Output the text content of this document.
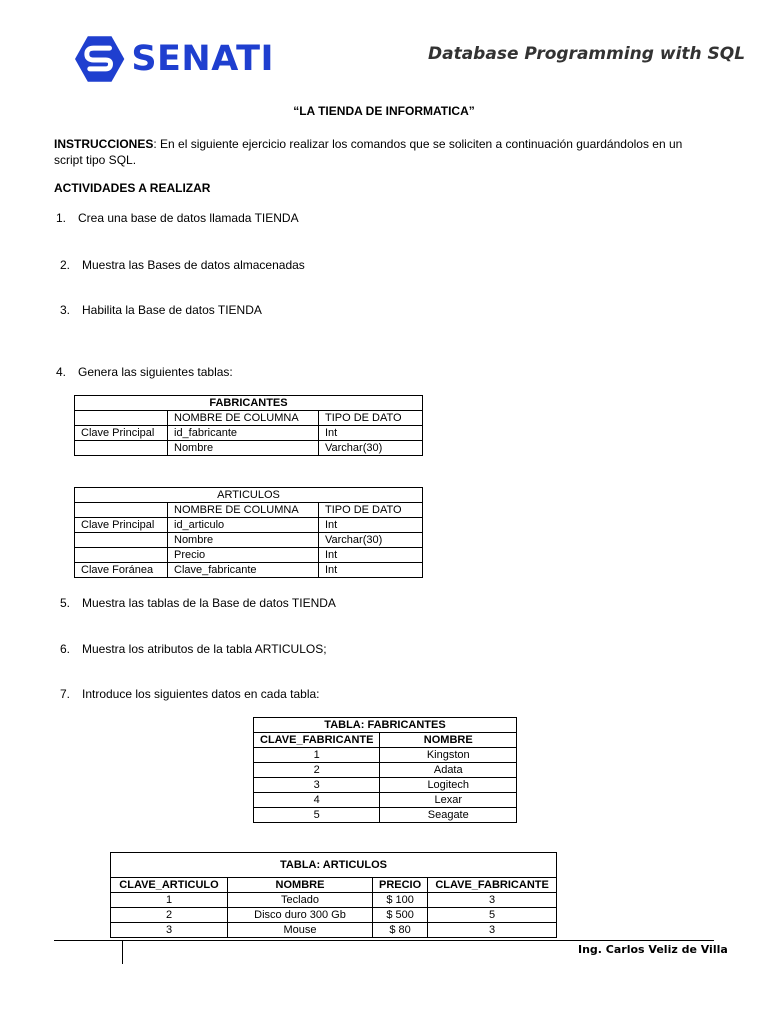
SENATI	Database Programming with SQL
“LA TIENDA DE INFORMATICA”
INSTRUCCIONES: En el siguiente ejercicio realizar los comandos que se soliciten a continuación guardándolos en un script tipo SQL.
ACTIVIDADES A REALIZAR
1. Crea una base de datos llamada TIENDA
2. Muestra las Bases de datos almacenadas
3. Habilita la Base de datos TIENDA
4. Genera las siguientes tablas:
FABRICANTES		
	NOMBRE DE COLUMNA	TIPO DE DATO
Clave Principal	id_fabricante	Int
	Nombre	Varchar(30)
ARTICULOS		
	NOMBRE DE COLUMNA	TIPO DE DATO
Clave Principal	id_articulo	Int
	Nombre	Varchar(30)
	Precio	Int
Clave Foránea	Clave_fabricante	Int
5. Muestra las tablas de la Base de datos TIENDA
6. Muestra los atributos de la tabla ARTICULOS;
7. Introduce los siguientes datos en cada tabla:
TABLA: FABRICANTES	
CLAVE_FABRICANTE	NOMBRE
1	Kingston
2	Adata
3	Logitech
4	Lexar
5	Seagate
TABLA: ARTICULOS			
CLAVE_ARTICULO	NOMBRE	PRECIO	CLAVE_FABRICANTE
1	Teclado	$ 100	3
2	Disco duro 300 Gb	$ 500	5
3	Mouse	$ 80	3
Ing. Carlos Veliz de Villa
